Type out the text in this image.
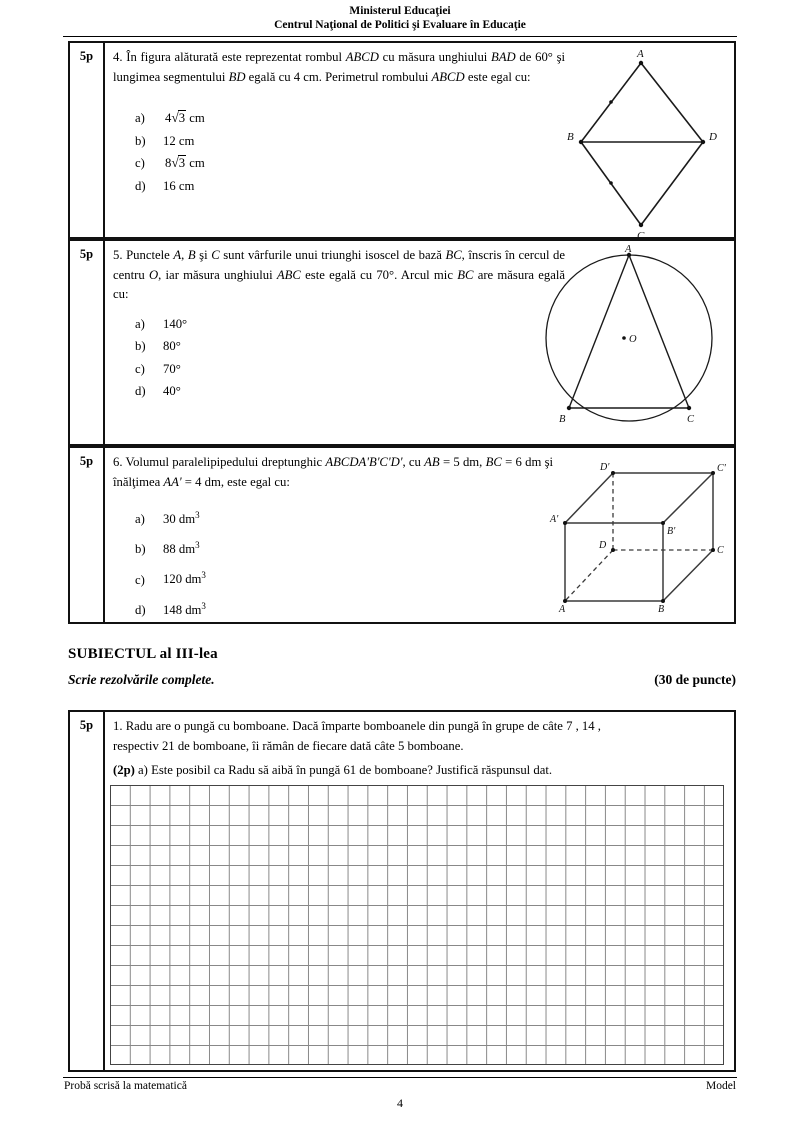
Ministerul Educaţiei
Centrul Naţional de Politici şi Evaluare în Educaţie
5p	4. În figura alăturată este reprezentat rombul ABCD cu măsura unghiului BAD de 60° şi lungimea segmentului BD egală cu 4 cm. Perimetrul rombului ABCD este egal cu:

a) 4√3 cm
b) 12 cm
c) 8√3 cm
d) 16 cm
A
B	D
C
5p	5. Punctele A, B şi C sunt vârfurile unui triunghi isoscel de bază BC, înscris în cercul de centru O, iar măsura unghiului ABC este egală cu 70°. Arcul mic BC are măsura egală cu:

a) 140°
b) 80°
c) 70°
d) 40°
A
B	C
O
5p	6. Volumul paralelipipedului dreptunghic ABCDA'B'C'D', cu AB = 5 dm, BC = 6 dm şi înălţimea AA' = 4 dm, este egal cu:

a) 30 $dm^3$
b) 88 $dm^3$
c) 120 $dm^3$
d) 148 $dm^3$	A	B
C
D
A'
B'
C'
D'
SUBIECTUL al III-lea
Scrie rezolvările complete.	(30 de puncte)
5p	1. Radu are o pungă cu bomboane. Dacă împarte bomboanele din pungă în grupe de câte 7 , 14 ,

respectiv 21 de bomboane, îi rămân de fiecare dată câte 5 bomboane.

(2p) a) Este posibil ca Radu să aibă în pungă 61 de bomboane? Justifică răspunsul dat.

Model
Probă scrisă la matematică
4
